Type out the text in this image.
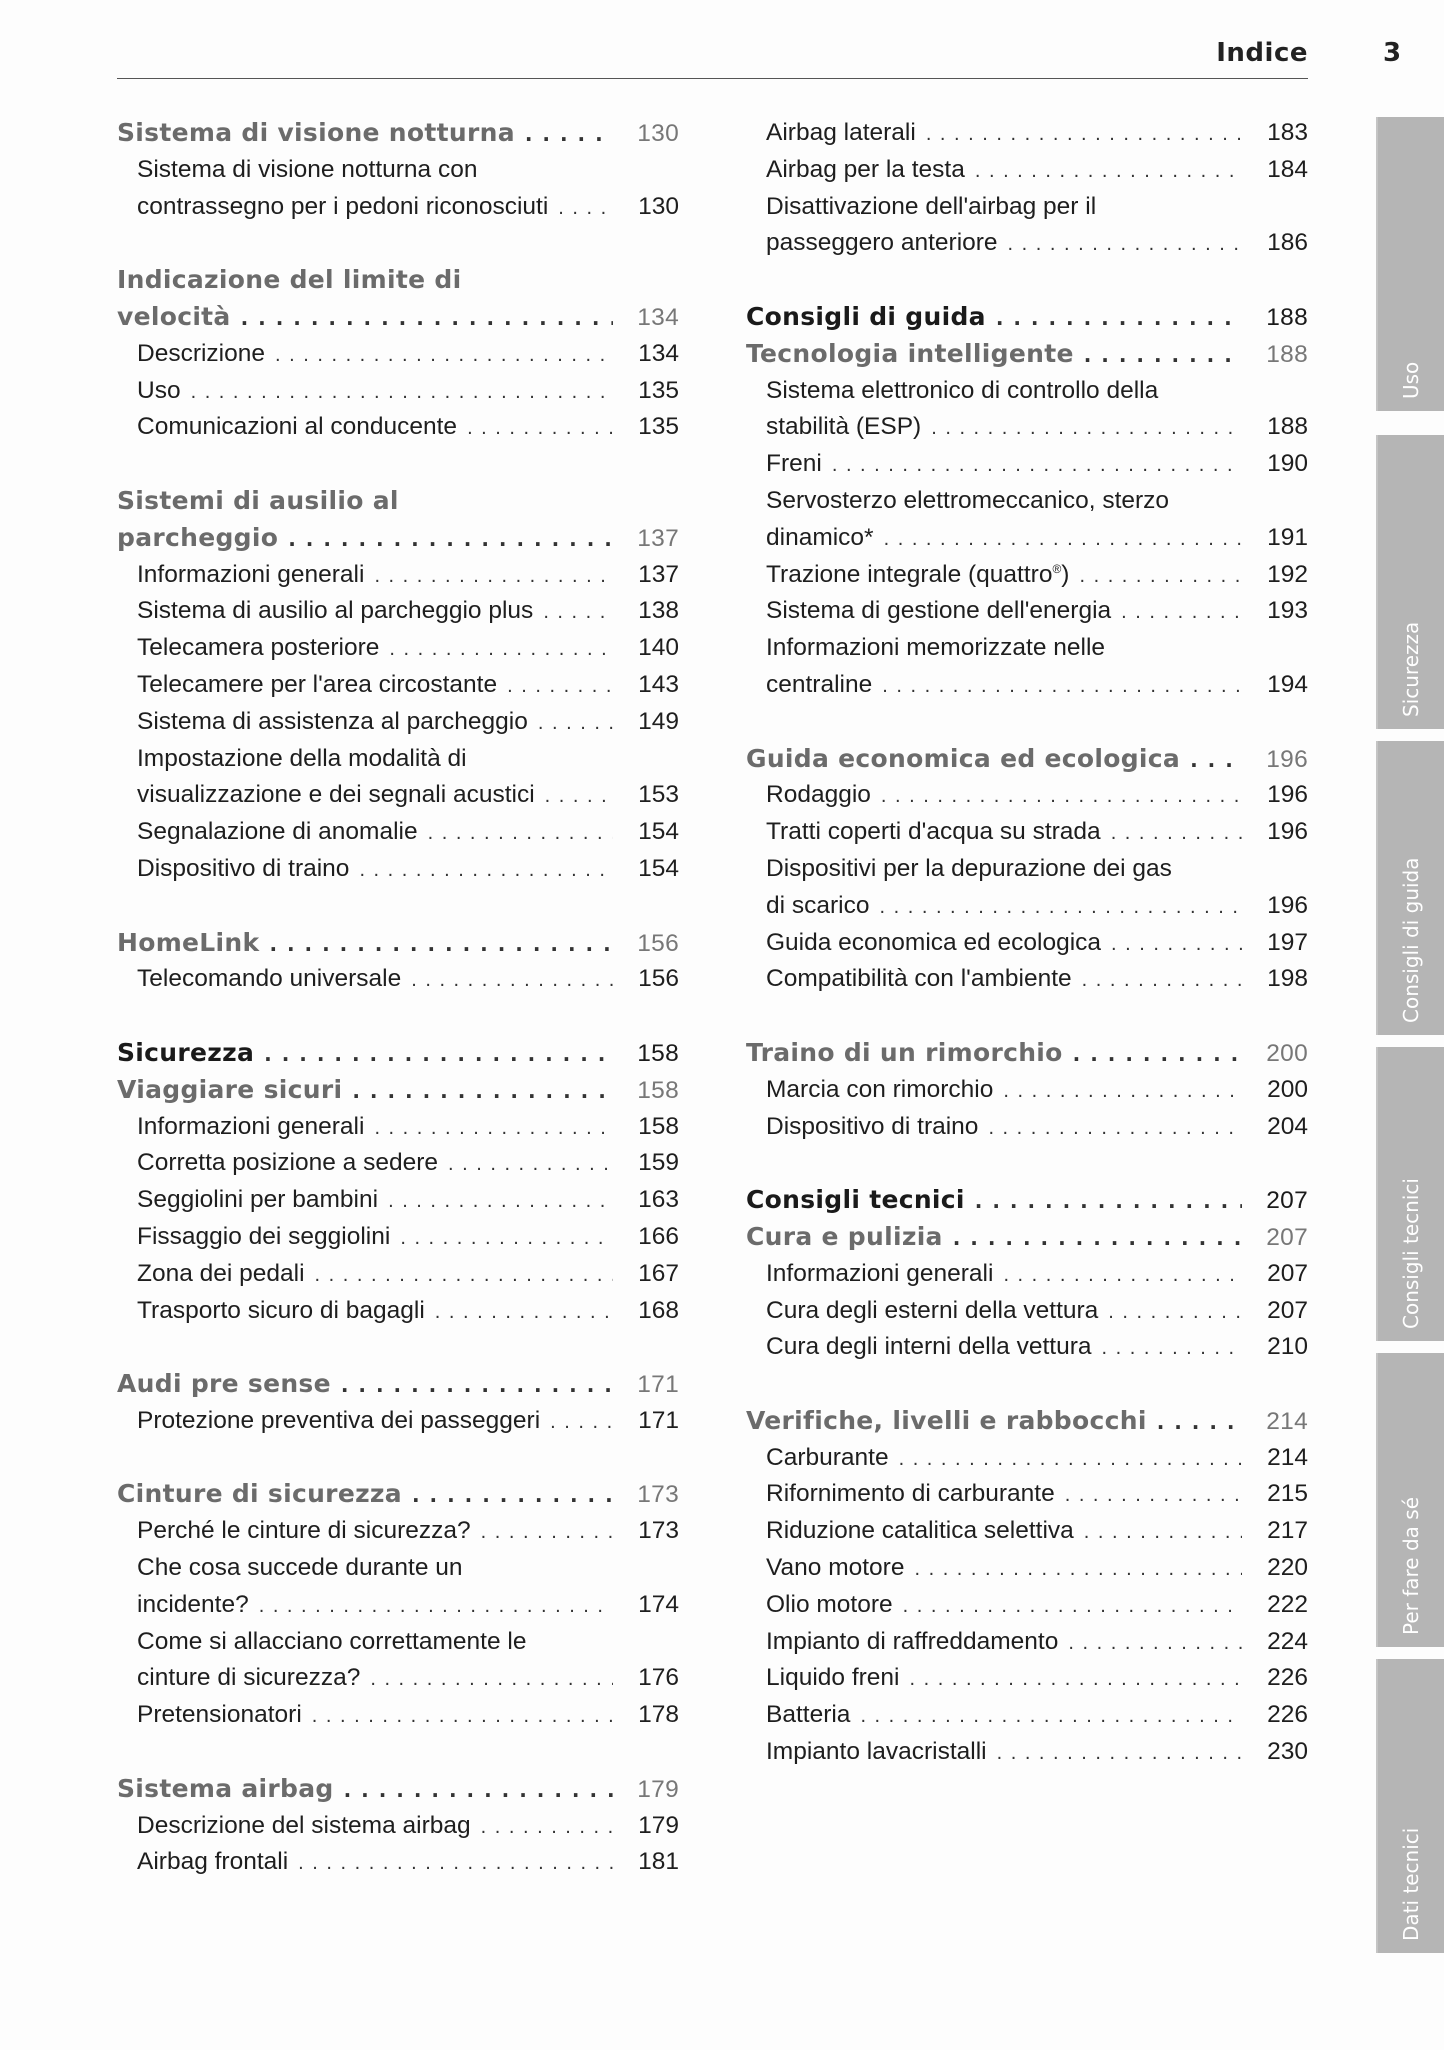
Indice	3
Sistema di visione notturna . . .	130
Sistema di visione notturna con
contrassegno per i pedoni riconosciuti . . .	130
Indicazione del limite di
velocità . . .	134
Descrizione . . .	134
Uso . . .	135
Comunicazioni al conducente . . .	135
Sistemi di ausilio al
parcheggio . . .	137
Informazioni generali . . .	137
Sistema di ausilio al parcheggio plus . . .	138
Telecamera posteriore . . .	140
Telecamere per l'area circostante . . .	143
Sistema di assistenza al parcheggio . . .	149
Impostazione della modalità di
visualizzazione e dei segnali acustici . . .	153
Segnalazione di anomalie . . .	154
Dispositivo di traino . . .	154
HomeLink . . .	156
Telecomando universale . . .	156
Sicurezza . . .	158
Viaggiare sicuri . . .	158
Informazioni generali . . .	158
Corretta posizione a sedere . . .	159
Seggiolini per bambini . . .	163
Fissaggio dei seggiolini . . .	166
Zona dei pedali . . .	167
Trasporto sicuro di bagagli . . .	168
Audi pre sense . . .	171
Protezione preventiva dei passeggeri . . .	171
Cinture di sicurezza . . .	173
Perché le cinture di sicurezza? . . .	173
Che cosa succede durante un
incidente? . . .	174
Come si allacciano correttamente le
cinture di sicurezza? . . .	176
Pretensionatori . . .	178
Sistema airbag . . .	179
Descrizione del sistema airbag . . .	179
Airbag frontali . . .	181
Airbag laterali . . .	183
Airbag per la testa . . .	184
Disattivazione dell'airbag per il
passeggero anteriore . . .	186
Consigli di guida . . .	188
Tecnologia intelligente . . .	188
Sistema elettronico di controllo della
stabilità (ESP) . . .	188
Freni . . .	190
Servosterzo elettromeccanico, sterzo
dinamico* . . .	191
Trazione integrale (quattro®) . . .	192
Sistema di gestione dell'energia . . .	193
Informazioni memorizzate nelle
centraline . . .	194
Guida economica ed ecologica . . .	196
Rodaggio . . .	196
Tratti coperti d'acqua su strada . . .	196
Dispositivi per la depurazione dei gas
di scarico . . .	196
Guida economica ed ecologica . . .	197
Compatibilità con l'ambiente . . .	198
Traino di un rimorchio . . .	200
Marcia con rimorchio . . .	200
Dispositivo di traino . . .	204
Consigli tecnici . . .	207
Cura e pulizia . . .	207
Informazioni generali . . .	207
Cura degli esterni della vettura . . .	207
Cura degli interni della vettura . . .	210
Verifiche, livelli e rabbocchi . . .	214
Carburante . . .	214
Rifornimento di carburante . . .	215
Riduzione catalitica selettiva . . .	217
Vano motore . . .	220
Olio motore . . .	222
Impianto di raffreddamento . . .	224
Liquido freni . . .	226
Batteria . . .	226
Impianto lavacristalli . . .	230
Uso
Sicurezza
Consigli di guida
Consigli tecnici
Per fare da sé
Dati tecnici
